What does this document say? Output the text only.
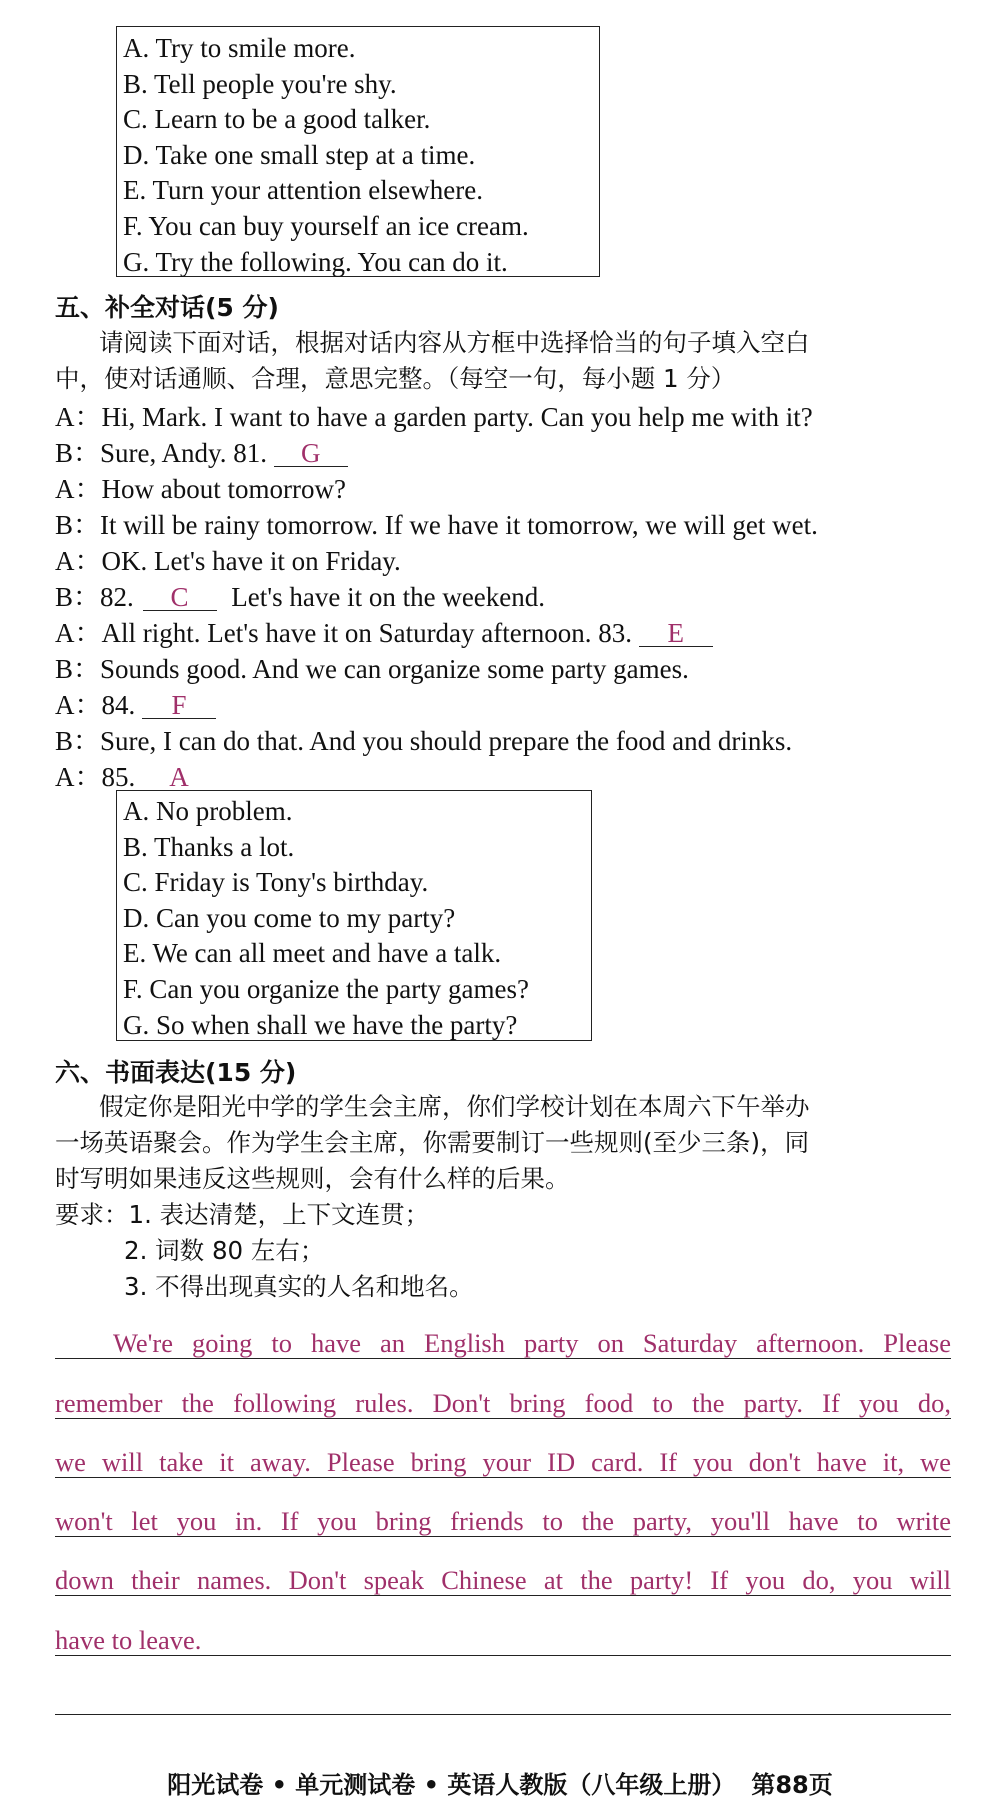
A. Try to smile more.
B. Tell people you're shy.
C. Learn to be a good talker.
D. Take one small step at a time.
E. Turn your attention elsewhere.
F. You can buy yourself an ice cream.
G. Try the following. You can do it.
五、补全对话(5 分)
请阅读下面对话，根据对话内容从方框中选择恰当的句子填入空白
中，使对话通顺、合理，意思完整。（每空一句，每小题 1 分）
A：Hi, Mark. I want to have a garden party. Can you help me with it?
B：Sure, Andy. 81. G
A：How about tomorrow?
B：It will be rainy tomorrow. If we have it tomorrow, we will get wet.
A：OK. Let's have it on Friday.
B：82. C Let's have it on the weekend.
A：All right. Let's have it on Saturday afternoon. 83. E
B：Sounds good. And we can organize some party games.
A：84. F
B：Sure, I can do that. And you should prepare the food and drinks.
A：85. A
A. No problem.
B. Thanks a lot.
C. Friday is Tony's birthday.
D. Can you come to my party?
E. We can all meet and have a talk.
F. Can you organize the party games?
G. So when shall we have the party?
六、书面表达(15 分)
假定你是阳光中学的学生会主席，你们学校计划在本周六下午举办
一场英语聚会。作为学生会主席，你需要制订一些规则(至少三条)，同
时写明如果违反这些规则，会有什么样的后果。
要求：1. 表达清楚，上下文连贯；
2. 词数 80 左右；
3. 不得出现真实的人名和地名。
We're going to have an English party on Saturday afternoon. Please
remember the following rules. Don't bring food to the party. If you do,
we will take it away. Please bring your ID card. If you don't have it, we
won't let you in. If you bring friends to the party, you'll have to write
down their names. Don't speak Chinese at the party! If you do, you will
have to leave.
阳光试卷 • 单元测试卷 • 英语人教版（八年级上册） 第88页
